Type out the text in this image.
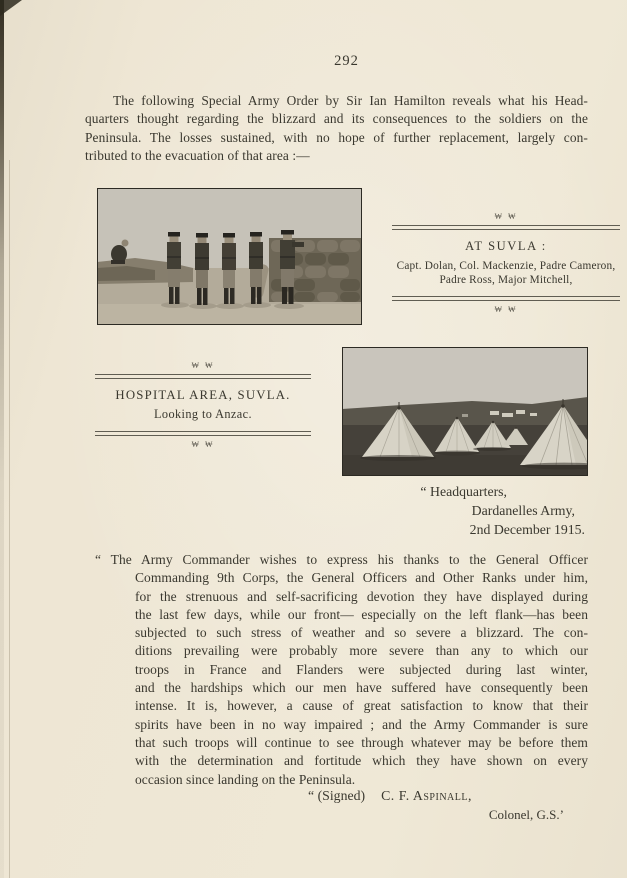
292
The following Special Army Order by Sir Ian Hamilton reveals what his Head-
quarters thought regarding the blizzard and its consequences to the soldiers on the
Peninsula. The losses sustained, with no hope of further replacement, largely con-
tributed to the evacuation of that area :—
₩ ₩
AT SUVLA :
Capt. Dolan, Col. Mackenzie, Padre Cameron,
Padre Ross, Major Mitchell,
₩ ₩
₩ ₩
HOSPITAL AREA, SUVLA.
Looking to Anzac.
₩ ₩
“ Headquarters,
Dardanelles Army,
2nd December 1915.
“ The Army Commander wishes to express his thanks to the General Officer
Commanding 9th Corps, the General Officers and Other Ranks under him,
for the strenuous and self-sacrificing devotion they have displayed during
the last few days, while our front— especially on the left flank—has been
subjected to such stress of weather and so severe a blizzard. The con-
ditions prevailing were probably more severe than any to which our
troops in France and Flanders were subjected during last winter,
and the hardships which our men have suffered have consequently been
intense. It is, however, a cause of great satisfaction to know that their
spirits have been in no way impaired ; and the Army Commander is sure
that such troops will continue to see through whatever may be before them
with the determination and fortitude which they have shown on every
occasion since landing on the Peninsula.
“ (Signed) C. F. Aspinall,
Colonel, G.S.’
